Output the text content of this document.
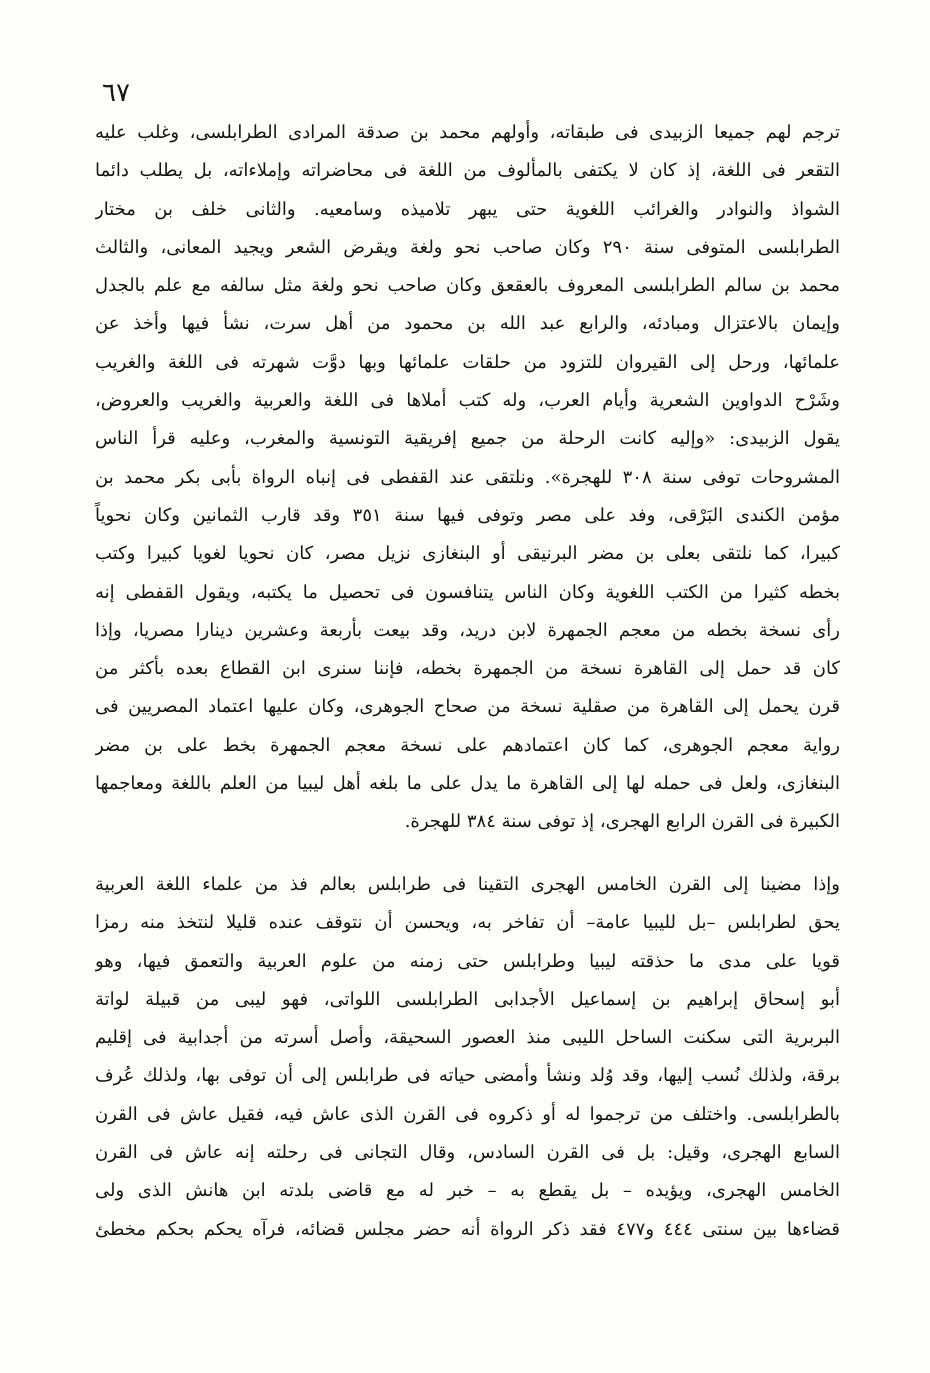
٦٧
ترجم لهم جميعا الزبيدى فى طبقاته، وأولهم محمد بن صدقة المرادى الطرابلسى، وغلب عليه
التقعر فى اللغة، إذ كان لا يكتفى بالمألوف من اللغة فى محاضراته وإملاءاته، بل يطلب دائما
الشواذ والنوادر والغرائب اللغوية حتى يبهر تلاميذه وسامعيه. والثانى خلف بن مختار
الطرابلسى المتوفى سنة ٢٩٠ وكان صاحب نحو ولغة ويقرض الشعر ويجيد المعانى، والثالث
محمد بن سالم الطرابلسى المعروف بالعقعق وكان صاحب نحو ولغة مثل سالفه مع علم بالجدل
وإيمان بالاعتزال ومبادئه، والرابع عبد الله بن محمود من أهل سرت، نشأ فيها وأخذ عن
علمائها، ورحل إلى القيروان للتزود من حلقات علمائها وبها دوَّت شهرته فى اللغة والغريب
وشَرْح الدواوين الشعرية وأيام العرب، وله كتب أملاها فى اللغة والعربية والغريب والعروض،
يقول الزبيدى: «وإليه كانت الرحلة من جميع إفريقية التونسية والمغرب، وعليه قرأ الناس
المشروحات توفى سنة ٣٠٨ للهجرة». ونلتقى عند القفطى فى إنباه الرواة بأبى بكر محمد بن
مؤمن الكندى البَرْقى، وفد على مصر وتوفى فيها سنة ٣٥١ وقد قارب الثمانين وكان نحوياً
كبيرا، كما نلتقى بعلى بن مضر البرنيقى أو البنغازى نزيل مصر، كان نحويا لغويا كبيرا وكتب
بخطه كثيرا من الكتب اللغوية وكان الناس يتنافسون فى تحصيل ما يكتبه، ويقول القفطى إنه
رأى نسخة بخطه من معجم الجمهرة لابن دريد، وقد بيعت بأربعة وعشرين دينارا مصريا، وإذا
كان قد حمل إلى القاهرة نسخة من الجمهرة بخطه، فإننا سنرى ابن القطاع بعده بأكثر من
قرن يحمل إلى القاهرة من صقلية نسخة من صحاح الجوهرى، وكان عليها اعتماد المصريين فى
رواية معجم الجوهرى، كما كان اعتمادهم على نسخة معجم الجمهرة بخط على بن مضر
البنغازى، ولعل فى حمله لها إلى القاهرة ما يدل على ما بلغه أهل ليبيا من العلم باللغة ومعاجمها
الكبيرة فى القرن الرابع الهجرى، إذ توفى سنة ٣٨٤ للهجرة.
وإذا مضينا إلى القرن الخامس الهجرى التقينا فى طرابلس بعالم فذ من علماء اللغة العربية
يحق لطرابلس –بل لليبيا عامة– أن تفاخر به، ويحسن أن نتوقف عنده قليلا لنتخذ منه رمزا
قويا على مدى ما حذقته ليبيا وطرابلس حتى زمنه من علوم العربية والتعمق فيها، وهو
أبو إسحاق إبراهيم بن إسماعيل الأجدابى الطرابلسى اللواتى، فهو ليبى من قبيلة لواتة
البربرية التى سكنت الساحل الليبى منذ العصور السحيقة، وأصل أسرته من أجدابية فى إقليم
برقة، ولذلك نُسب إليها، وقد وُلد ونشأ وأمضى حياته فى طرابلس إلى أن توفى بها، ولذلك عُرف
بالطرابلسى. واختلف من ترجموا له أو ذكروه فى القرن الذى عاش فيه، فقيل عاش فى القرن
السابع الهجرى، وقيل: بل فى القرن السادس، وقال التجانى فى رحلته إنه عاش فى القرن
الخامس الهجرى، ويؤيده – بل يقطع به – خبر له مع قاضى بلدته ابن هانش الذى ولى
قضاءها بين سنتى ٤٤٤ و٤٧٧ فقد ذكر الرواة أنه حضر مجلس قضائه، فرآه يحكم بحكم مخطئ
